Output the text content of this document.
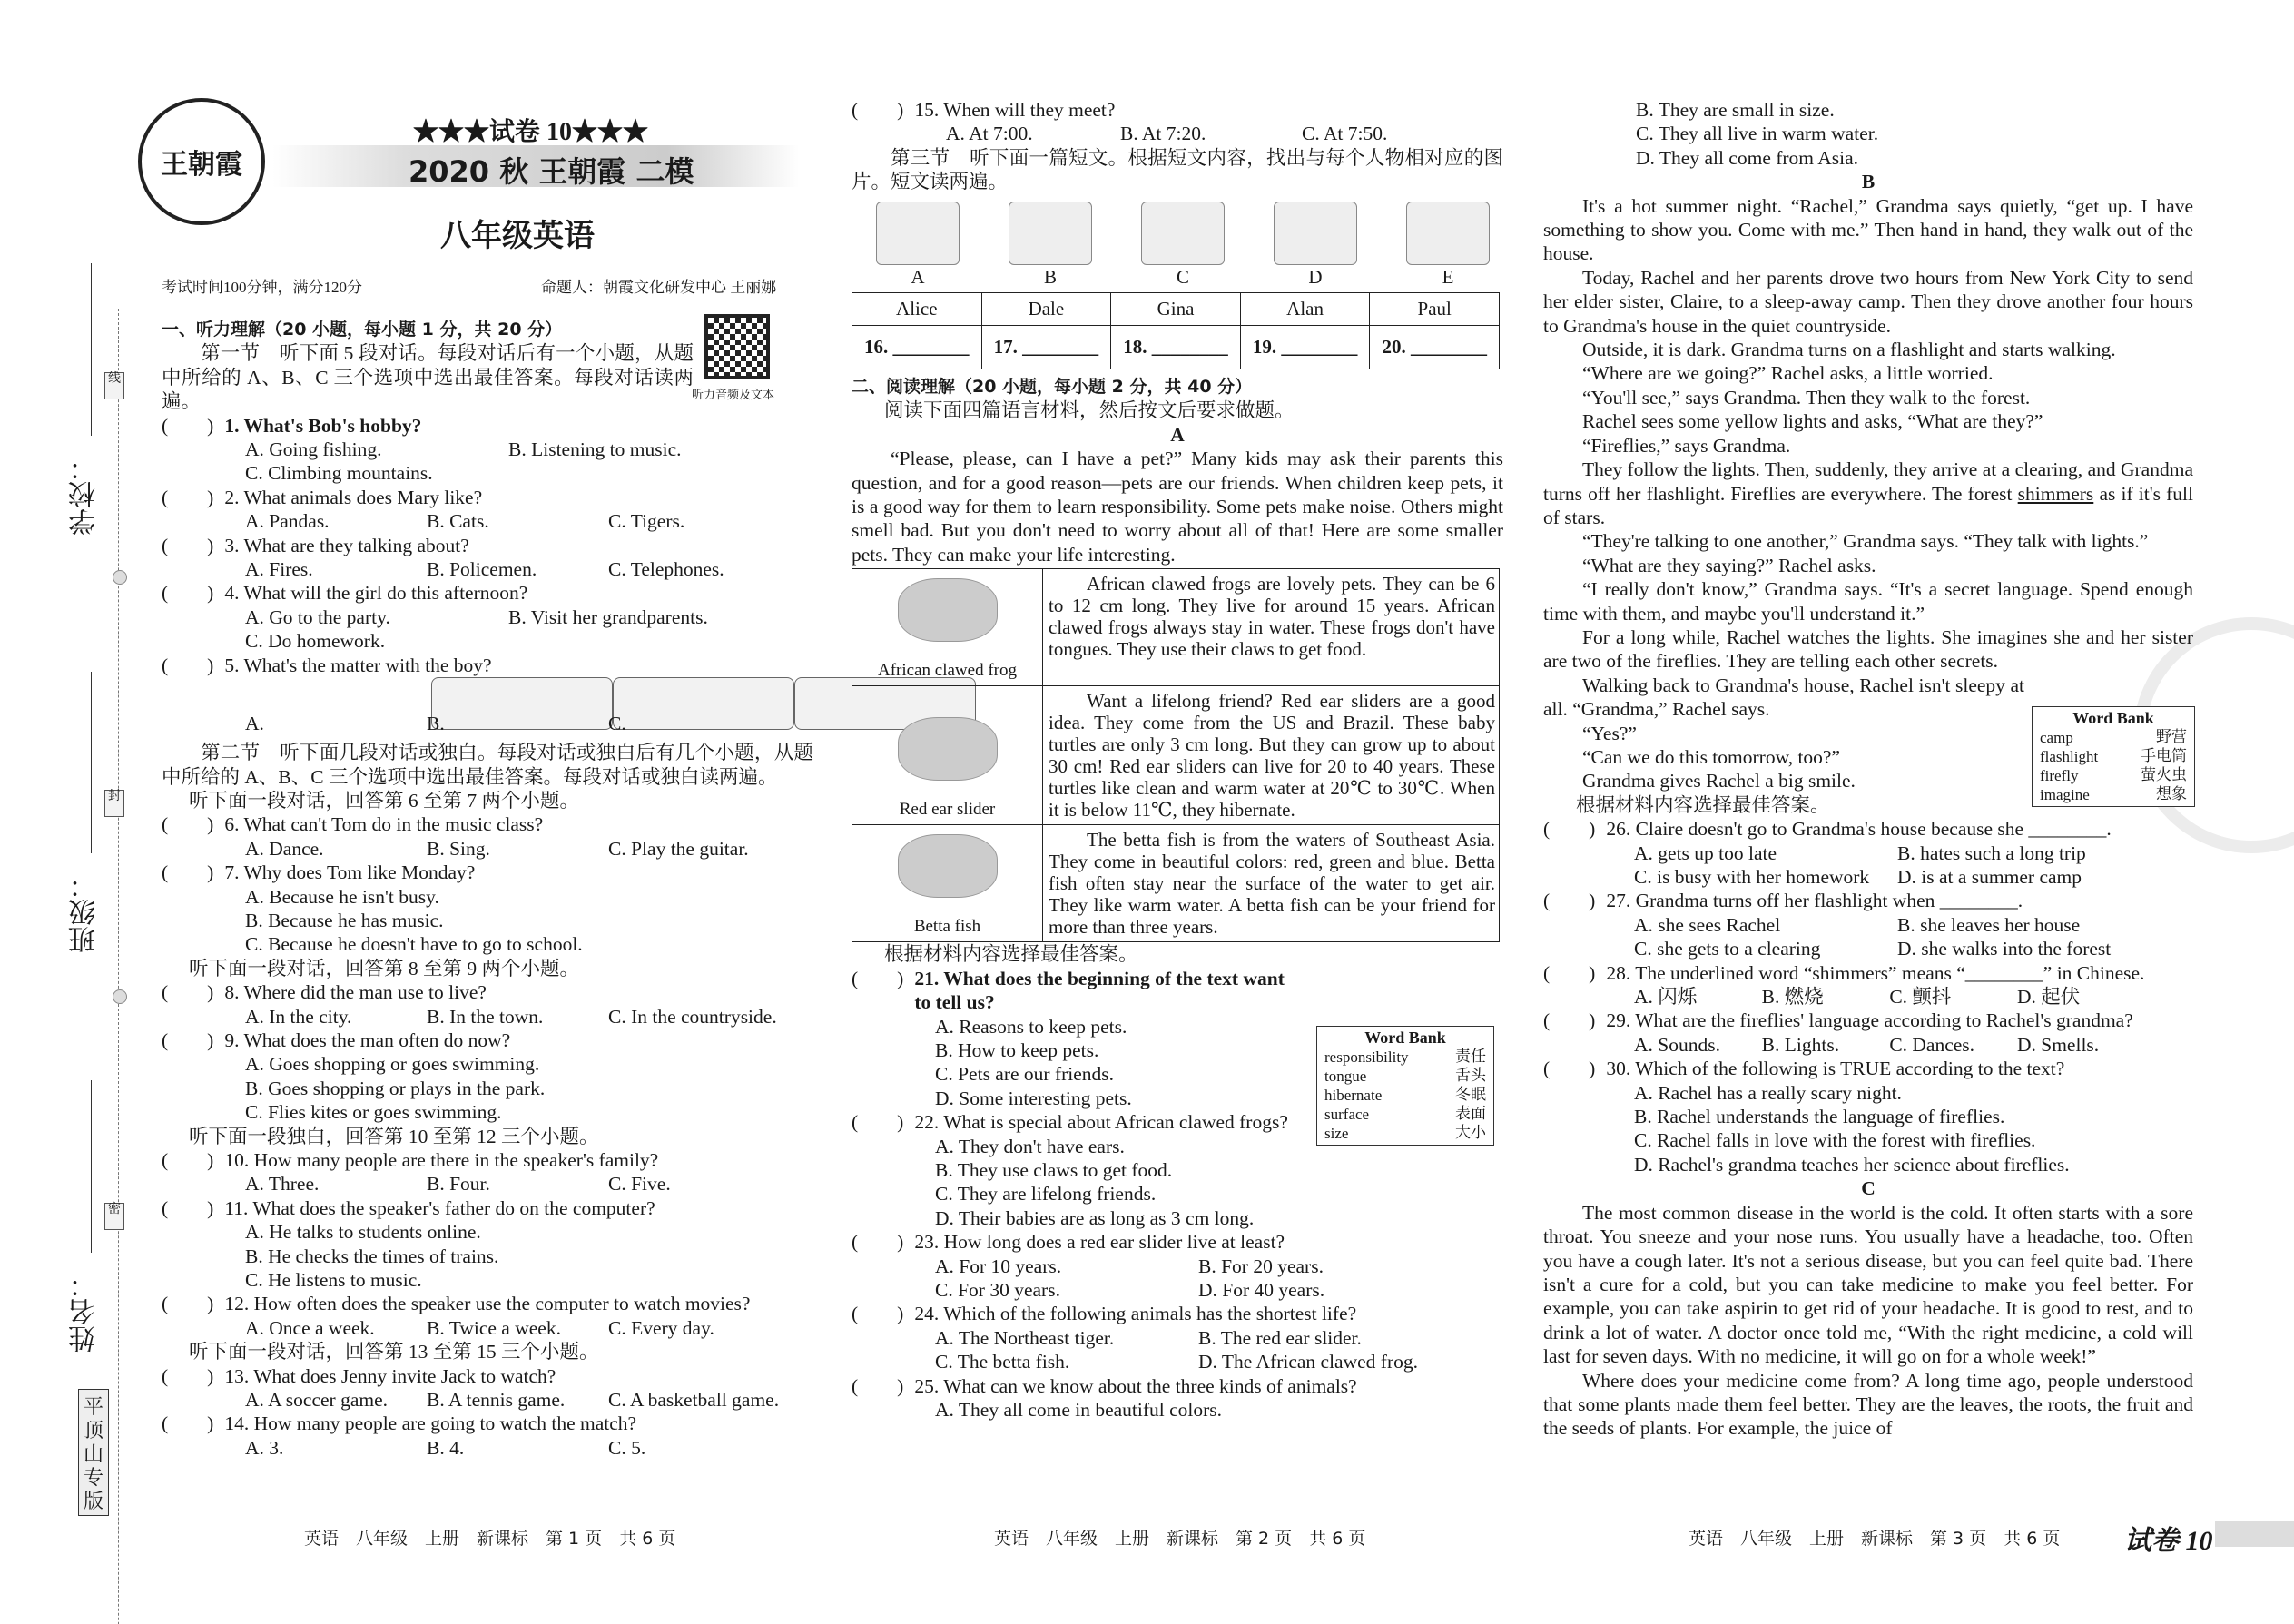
学校：
班级：
姓名：
线
封
密
平顶山专版
王朝霞
★★★试卷 10★★★
2020 秋 王朝霞 二模
八年级英语
考试时间100分钟，满分120分	命题人：朝霞文化研发中心 王丽娜
听力音频及文本
一、听力理解（20 小题，每小题 1 分，共 20 分）
第一节　听下面 5 段对话。每段对话后有一个小题，从题中所给的 A、B、C 三个选项中选出最佳答案。每段对话读两遍。
(　　) 1. What's Bob's hobby?
A. Going fishing.	B. Listening to music.
C. Climbing mountains.
(　　) 2. What animals does Mary like?
A. Pandas.	B. Cats.	C. Tigers.
(　　) 3. What are they talking about?
A. Fires.	B. Policemen.	C. Telephones.
(　　) 4. What will the girl do this afternoon?
A. Go to the party.	B. Visit her grandparents.
C. Do homework.
(　　) 5. What's the matter with the boy?
A.	B.	C.
第二节　听下面几段对话或独白。每段对话或独白后有几个小题，从题中所给的 A、B、C 三个选项中选出最佳答案。每段对话或独白读两遍。
听下面一段对话，回答第 6 至第 7 两个小题。
(　　) 6. What can't Tom do in the music class?
A. Dance.	B. Sing.	C. Play the guitar.
(　　) 7. Why does Tom like Monday?
A. Because he isn't busy.
B. Because he has music.
C. Because he doesn't have to go to school.
听下面一段对话，回答第 8 至第 9 两个小题。
(　　) 8. Where did the man use to live?
A. In the city.	B. In the town.	C. In the countryside.
(　　) 9. What does the man often do now?
A. Goes shopping or goes swimming.
B. Goes shopping or plays in the park.
C. Flies kites or goes swimming.
听下面一段独白，回答第 10 至第 12 三个小题。
(　　) 10. How many people are there in the speaker's family?
A. Three.	B. Four.	C. Five.
(　　) 11. What does the speaker's father do on the computer?
A. He talks to students online.
B. He checks the times of trains.
C. He listens to music.
(　　) 12. How often does the speaker use the computer to watch movies?
A. Once a week.	B. Twice a week.	C. Every day.
听下面一段对话，回答第 13 至第 15 三个小题。
(　　) 13. What does Jenny invite Jack to watch?
A. A soccer game.	B. A tennis game.	C. A basketball game.
(　　) 14. How many people are going to watch the match?
A. 3.	B. 4.	C. 5.
(　　) 15. When will they meet?
A. At 7:00.	B. At 7:20.	C. At 7:50.
第三节　听下面一篇短文。根据短文内容，找出与每个人物相对应的图片。短文读两遍。
A	B	C	D	E
Alice	Dale	Gina	Alan	Paul
16. ________	17. ________	18. ________	19. ________	20. ________
二、阅读理解（20 小题，每小题 2 分，共 40 分）
阅读下面四篇语言材料，然后按文后要求做题。
A
“Please, please, can I have a pet?” Many kids may ask their parents this question, and for a good reason—pets are our friends. When children keep pets, it is a good way for them to learn responsibility. Some pets make noise. Others might smell bad. But you don't need to worry about all of that! Here are some smaller pets. They can make your life interesting.
African clawed frog	African clawed frogs are lovely pets. They can be 6 to 12 cm long. They live for around 15 years. African clawed frogs always stay in water. These frogs don't have tongues. They use their claws to get food.

Red ear slider	Want a lifelong friend? Red ear sliders are a good idea. They come from the US and Brazil. These baby turtles are only 3 cm long. But they can grow up to about 30 cm! Red ear sliders can live for 20 to 40 years. These turtles like clean and warm water at 20℃ to 30℃. When it is below 11℃, they hibernate.

Betta fish	The betta fish is from the waters of Southeast Asia. They come in beautiful colors: red, green and blue. Betta fish often stay near the surface of the water to get air. They like warm water. A betta fish can be your friend for more than three years.
根据材料内容选择最佳答案。
(　　) 21. What does the beginning of the text want to tell us?
A. Reasons to keep pets.
B. How to keep pets.
C. Pets are our friends.
D. Some interesting pets.
(　　) 22. What is special about African clawed frogs?
A. They don't have ears.
B. They use claws to get food.
C. They are lifelong friends.
D. Their babies are as long as 3 cm long.
(　　) 23. How long does a red ear slider live at least?
A. For 10 years.	B. For 20 years.
C. For 30 years.	D. For 40 years.
(　　) 24. Which of the following animals has the shortest life?
A. The Northeast tiger.	B. The red ear slider.
C. The betta fish.	D. The African clawed frog.
(　　) 25. What can we know about the three kinds of animals?
A. They all come in beautiful colors.
Word Bank
responsibility	责任
tongue	舌头
hibernate	冬眠
surface	表面
size	大小
B. They are small in size.
C. They all live in warm water.
D. They all come from Asia.
B
It's a hot summer night. “Rachel,” Grandma says quietly, “get up. I have something to show you. Come with me.” Then hand in hand, they walk out of the house.
Today, Rachel and her parents drove two hours from New York City to send her elder sister, Claire, to a sleep-away camp. Then they drove another four hours to Grandma's house in the quiet countryside.
Outside, it is dark. Grandma turns on a flashlight and starts walking.
“Where are we going?” Rachel asks, a little worried.
“You'll see,” says Grandma. Then they walk to the forest.
Rachel sees some yellow lights and asks, “What are they?”
“Fireflies,” says Grandma.
They follow the lights. Then, suddenly, they arrive at a clearing, and Grandma turns off her flashlight. Fireflies are everywhere. The forest shimmers as if it's full of stars.
“They're talking to one another,” Grandma says. “They talk with lights.”
“What are they saying?” Rachel asks.
“I really don't know,” Grandma says. “It's a secret language. Spend enough time with them, and maybe you'll understand it.”
For a long while, Rachel watches the lights. She imagines she and her sister are two of the fireflies. They are telling each other secrets.
Walking back to Grandma's house, Rachel isn't sleepy at all. “Grandma,” Rachel says.
“Yes?”
“Can we do this tomorrow, too?”
Grandma gives Rachel a big smile.
根据材料内容选择最佳答案。
(　　) 26. Claire doesn't go to Grandma's house because she ________.
A. gets up too late	B. hates such a long trip
C. is busy with her homework	D. is at a summer camp
(　　) 27. Grandma turns off her flashlight when ________.
A. she sees Rachel	B. she leaves her house
C. she gets to a clearing	D. she walks into the forest
(　　) 28. The underlined word “shimmers” means “________” in Chinese.
A. 闪烁	B. 燃烧	C. 颤抖	D. 起伏
(　　) 29. What are the fireflies' language according to Rachel's grandma?
A. Sounds.	B. Lights.	C. Dances.	D. Smells.
(　　) 30. Which of the following is TRUE according to the text?
A. Rachel has a really scary night.
B. Rachel understands the language of fireflies.
C. Rachel falls in love with the forest with fireflies.
D. Rachel's grandma teaches her science about fireflies.
C
The most common disease in the world is the cold. It often starts with a sore throat. You sneeze and your nose runs. You usually have a headache, too. Often you have a cough later. It's not a serious disease, but you can feel quite bad. There isn't a cure for a cold, but you can take medicine to make you feel better. For example, you can take aspirin to get rid of your headache. It is good to rest, and to drink a lot of water. A doctor once told me, “With the right medicine, a cold will last for seven days. With no medicine, it will go on for a whole week!”
Where does your medicine come from? A long time ago, people understood that some plants made them feel better. They are the leaves, the roots, the fruit and the seeds of plants. For example, the juice of
Word Bank
camp	野营
flashlight	手电筒
firefly	萤火虫
imagine	想象
英语　八年级　上册　新课标　第 1 页　共 6 页	英语　八年级　上册　新课标　第 2 页　共 6 页	英语　八年级　上册　新课标　第 3 页　共 6 页 试卷 10
